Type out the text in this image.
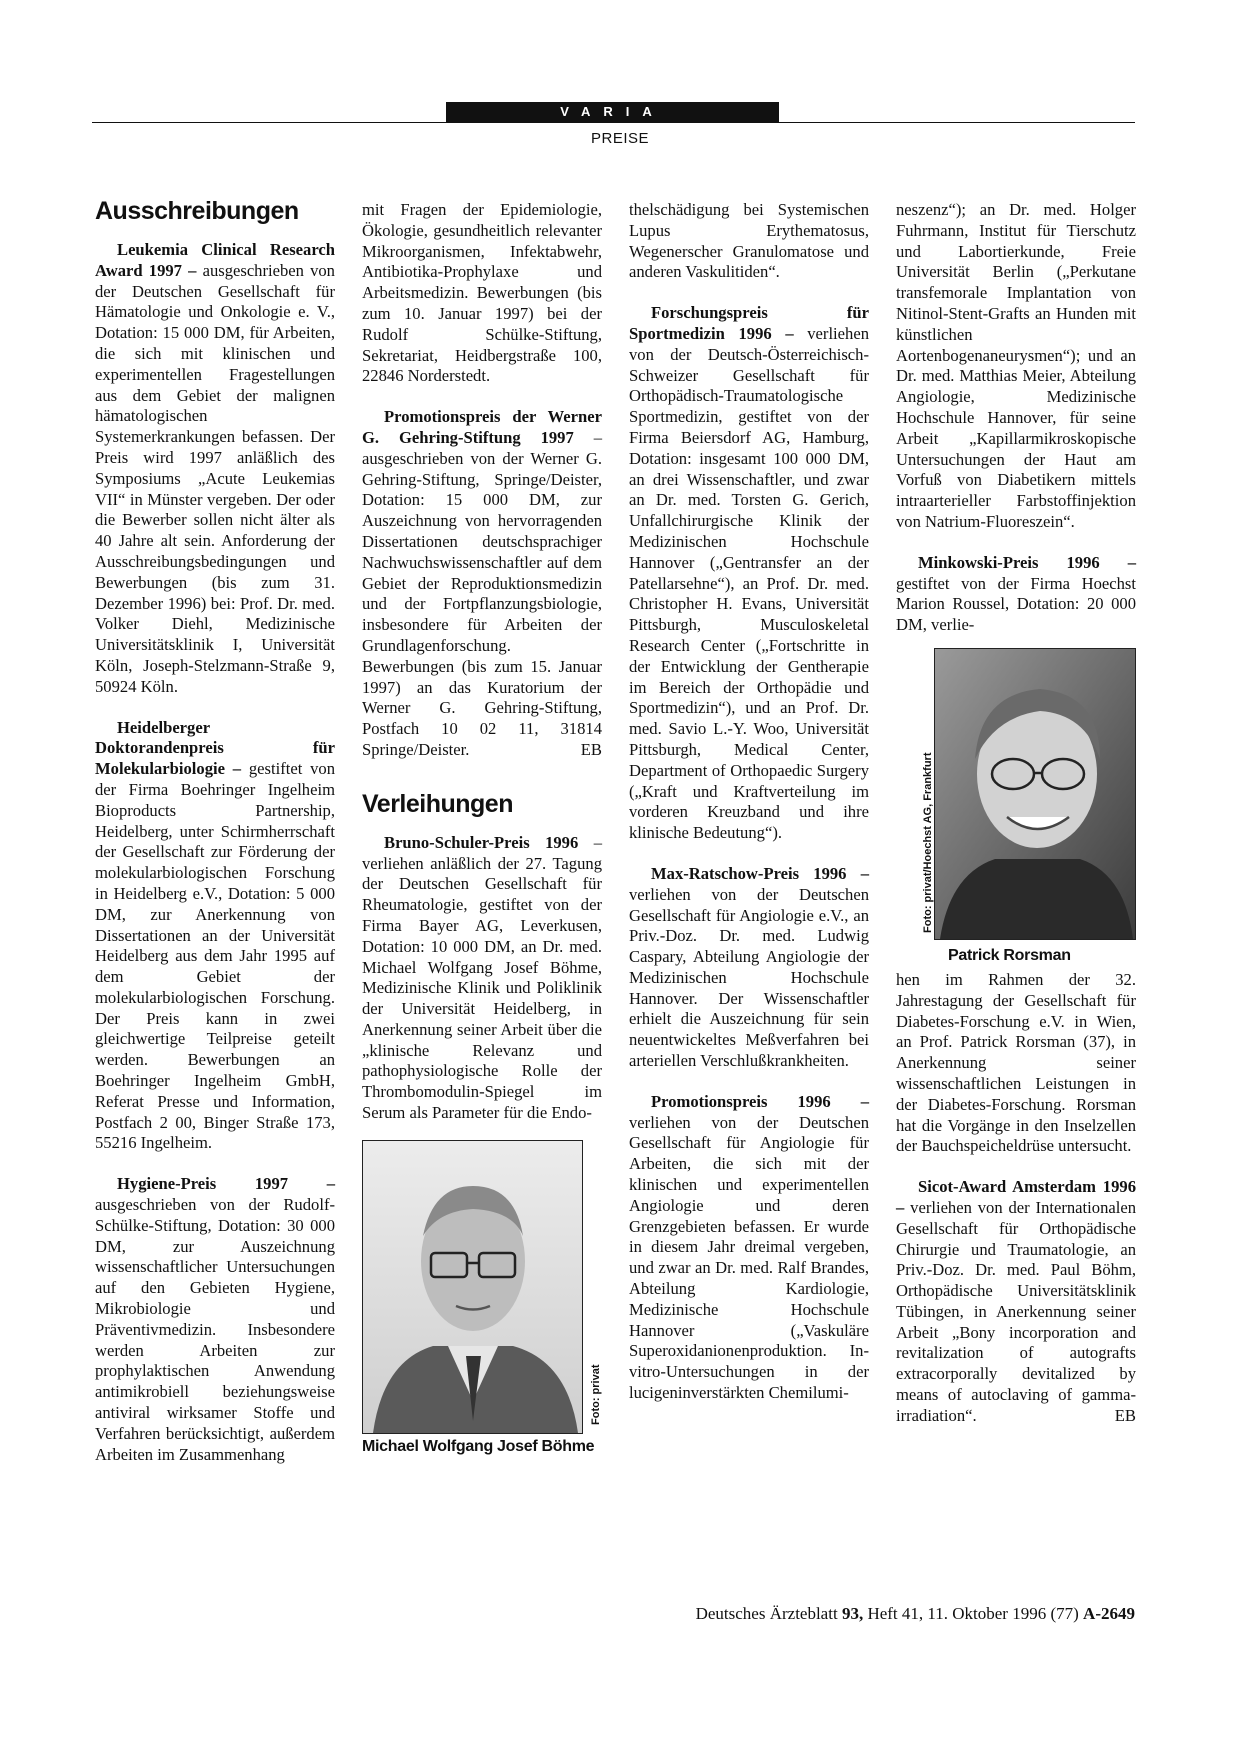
VARIA
PREISE
Ausschreibungen

Leukemia Clinical Research Award 1997 – ausgeschrieben von der Deutschen Gesellschaft für Hämatologie und Onkologie e. V., Dotation: 15 000 DM, für Arbeiten, die sich mit klinischen und experimentellen Fragestellungen aus dem Gebiet der malignen hämatologischen Systemerkrankungen befassen. Der Preis wird 1997 anläßlich des Symposiums „Acute Leukemias VII“ in Münster vergeben. Der oder die Bewerber sollen nicht älter als 40 Jahre alt sein. Anforderung der Ausschreibungsbedingungen und Bewerbungen (bis zum 31. Dezember 1996) bei: Prof. Dr. med. Volker Diehl, Medizinische Universitätsklinik I, Universität Köln, Joseph-Stelzmann-Straße 9, 50924 Köln.

Heidelberger Doktorandenpreis für Molekularbiologie – gestiftet von der Firma Boehringer Ingelheim Bioproducts Partnership, Heidelberg, unter Schirmherrschaft der Gesellschaft zur Förderung der molekularbiologischen Forschung in Heidelberg e.V., Dotation: 5 000 DM, zur Anerkennung von Dissertationen an der Universität Heidelberg aus dem Jahr 1995 auf dem Gebiet der molekularbiologischen Forschung. Der Preis kann in zwei gleichwertige Teilpreise geteilt werden. Bewerbungen an Boehringer Ingelheim GmbH, Referat Presse und Information, Postfach 2 00, Binger Straße 173, 55216 Ingelheim.

Hygiene-Preis 1997 – ausgeschrieben von der Rudolf-Schülke-Stiftung, Dotation: 30 000 DM, zur Auszeichnung wissenschaftlicher Untersuchungen auf den Gebieten Hygiene, Mikrobiologie und Präventivmedizin. Insbesondere werden Arbeiten zur prophylaktischen Anwendung antimikrobiell beziehungsweise antiviral wirksamer Stoffe und Verfahren berücksichtigt, außerdem Arbeiten im Zusammenhang

mit Fragen der Epidemiologie, Ökologie, gesundheitlich relevanter Mikroorganismen, Infektabwehr, Antibiotika-Prophylaxe und Arbeitsmedizin. Bewerbungen (bis zum 10. Januar 1997) bei der Rudolf Schülke-Stiftung, Sekretariat, Heidbergstraße 100, 22846 Norderstedt.

Promotionspreis der Werner G. Gehring-Stiftung 1997 – ausgeschrieben von der Werner G. Gehring-Stiftung, Springe/Deister, Dotation: 15 000 DM, zur Auszeichnung von hervorragenden Dissertationen deutschsprachiger Nachwuchswissenschaftler auf dem Gebiet der Reproduktionsmedizin und der Fortpflanzungsbiologie, insbesondere für Arbeiten der Grundlagenforschung. Bewerbungen (bis zum 15. Januar 1997) an das Kuratorium der Werner G. Gehring-Stiftung, Postfach 10 02 11, 31814 Springe/Deister.	EB

Verleihungen

Bruno-Schuler-Preis 1996 – verliehen anläßlich der 27. Tagung der Deutschen Gesellschaft für Rheumatologie, gestiftet von der Firma Bayer AG, Leverkusen, Dotation: 10 000 DM, an Dr. med. Michael Wolfgang Josef Böhme, Medizinische Klinik und Poliklinik der Universität Heidelberg, in Anerkennung seiner Arbeit über die „klinische Relevanz und pathophysiologische Rolle der Thrombomodulin-Spiegel im Serum als Parameter für die Endo-

Foto: privat
Michael Wolfgang Josef Böhme

thelschädigung bei Systemischen Lupus Erythematosus, Wegenerscher Granulomatose und anderen Vaskulitiden“.

Forschungspreis für Sportmedizin 1996 – verliehen von der Deutsch-Österreichisch-Schweizer Gesellschaft für Orthopädisch-Traumatologische Sportmedizin, gestiftet von der Firma Beiersdorf AG, Hamburg, Dotation: insgesamt 100 000 DM, an drei Wissenschaftler, und zwar an Dr. med. Torsten G. Gerich, Unfallchirurgische Klinik der Medizinischen Hochschule Hannover („Gentransfer an der Patellarsehne“), an Prof. Dr. med. Christopher H. Evans, Universität Pittsburgh, Musculoskeletal Research Center („Fortschritte in der Entwicklung der Gentherapie im Bereich der Orthopädie und Sportmedizin“), und an Prof. Dr. med. Savio L.-Y. Woo, Universität Pittsburgh, Medical Center, Department of Orthopaedic Surgery („Kraft und Kraftverteilung im vorderen Kreuzband und ihre klinische Bedeutung“).

Max-Ratschow-Preis 1996 – verliehen von der Deutschen Gesellschaft für Angiologie e.V., an Priv.-Doz. Dr. med. Ludwig Caspary, Abteilung Angiologie der Medizinischen Hochschule Hannover. Der Wissenschaftler erhielt die Auszeichnung für sein neuentwickeltes Meßverfahren bei arteriellen Verschlußkrankheiten.

Promotionspreis 1996 – verliehen von der Deutschen Gesellschaft für Angiologie für Arbeiten, die sich mit der klinischen und experimentellen Angiologie und deren Grenzgebieten befassen. Er wurde in diesem Jahr dreimal vergeben, und zwar an Dr. med. Ralf Brandes, Abteilung Kardiologie, Medizinische Hochschule Hannover („Vaskuläre Superoxidanionenproduktion. In-vitro-Untersuchungen in der lucigeninverstärkten Chemilumi-

neszenz“); an Dr. med. Holger Fuhrmann, Institut für Tierschutz und Labortierkunde, Freie Universität Berlin („Perkutane transfemorale Implantation von Nitinol-Stent-Grafts an Hunden mit künstlichen Aortenbogenaneurysmen“); und an Dr. med. Matthias Meier, Abteilung Angiologie, Medizinische Hochschule Hannover, für seine Arbeit „Kapillarmikroskopische Untersuchungen der Haut am Vorfuß von Diabetikern mittels intraarterieller Farbstoffinjektion von Natrium-Fluoreszein“.

Minkowski-Preis 1996 – gestiftet von der Firma Hoechst Marion Roussel, Dotation: 20 000 DM, verlie-

Foto: privat/Hoechst AG, Frankfurt
Patrick Rorsman

hen im Rahmen der 32. Jahrestagung der Gesellschaft für Diabetes-Forschung e.V. in Wien, an Prof. Patrick Rorsman (37), in Anerkennung seiner wissenschaftlichen Leistungen in der Diabetes-Forschung. Rorsman hat die Vorgänge in den Inselzellen der Bauchspeicheldrüse untersucht.

Sicot-Award Amsterdam 1996 – verliehen von der Internationalen Gesellschaft für Orthopädische Chirurgie und Traumatologie, an Priv.-Doz. Dr. med. Paul Böhm, Orthopädische Universitätsklinik Tübingen, in Anerkennung seiner Arbeit „Bony incorporation and revitalization of autografts extracorporally devitalized by means of autoclaving of gamma-irradiation“.	EB

Deutsches Ärzteblatt 93, Heft 41, 11. Oktober 1996 (77) A-2649
